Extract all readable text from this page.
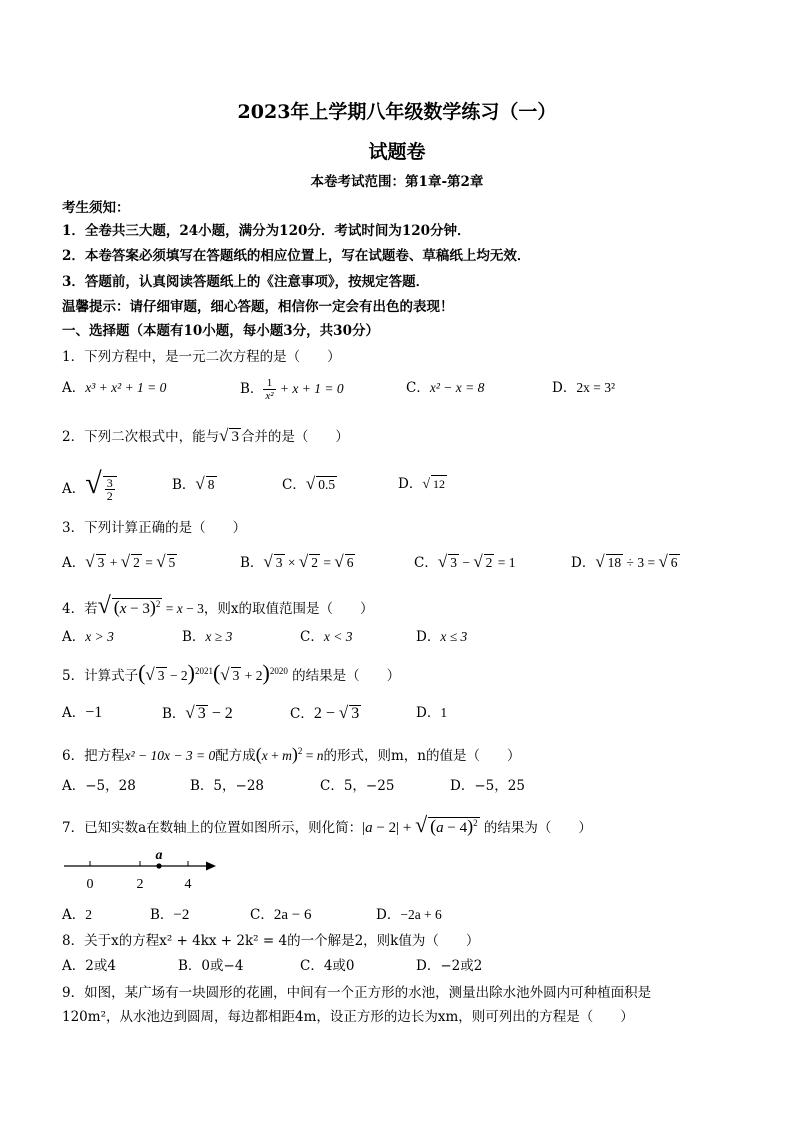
2023年上学期八年级数学练习（一）
试题卷
本卷考试范围：第1章-第2章
考生须知：
1．全卷共三大题，24小题，满分为120分．考试时间为120分钟．
2．本卷答案必须填写在答题纸的相应位置上，写在试题卷、草稿纸上均无效．
3．答题前，认真阅读答题纸上的《注意事项》，按规定答题．
温馨提示：请仔细审题，细心答题，相信你一定会有出色的表现！
一、选择题（本题有10小题，每小题3分，共30分）
1．下列方程中，是一元二次方程的是（　　）
A．x³ + x² + 1 = 0	B． $\frac{1}{\text{x²}} + x + 1 = 0$	C．x² − x = 8	D．2x = 3²
2．下列二次根式中，能与√ 3 合并的是（　　）
A．√ $\frac{3}{2}$	B．√ 8	C．√ 0.5	D．√ 12
3．下列计算正确的是（　　）
A．√ 3 + √ 2 = √ 5	B．√ 3 × √ 2 = √ 6	C．√ 3 − √ 2 = 1	D．√ 18 ÷ 3 = √ 6
4．若√ $(x - 3)^2 = x - 3$，则x的取值范围是（　　）
A．x > 3	B．x ≥ 3	C．x < 3	D．x ≤ 3
5．计算式子(√ 3 − 2)$^{2021}$(√ 3 + 2)$^{2020}$ 的结果是（　　）
A．−1	B．√ 3 − 2	C．2 − √ 3	D．1
6．把方程x² − 10x − 3 = 0配方成$(x + m)^2 = n$的形式，则m，n的值是（　　）
A．−5，28	B．5，−28	C．5，−25	D．−5，25
7．已知实数a在数轴上的位置如图所示，则化简：|a − 2| + √ $(a - 4)^2$ 的结果为（　　）
a
0	2	4
A．2	B．−2	C．2a − 6	D．−2a + 6
8．关于x的方程x² + 4kx + 2k² = 4的一个解是2，则k值为（　　）
A．2或4	B．0或−4	C．4或0	D．−2或2
9．如图，某广场有一块圆形的花圃，中间有一个正方形的水池，测量出除水池外圆内可种植面积是
120m²，从水池边到圆周，每边都相距4m，设正方形的边长为xm，则可列出的方程是（　　）
